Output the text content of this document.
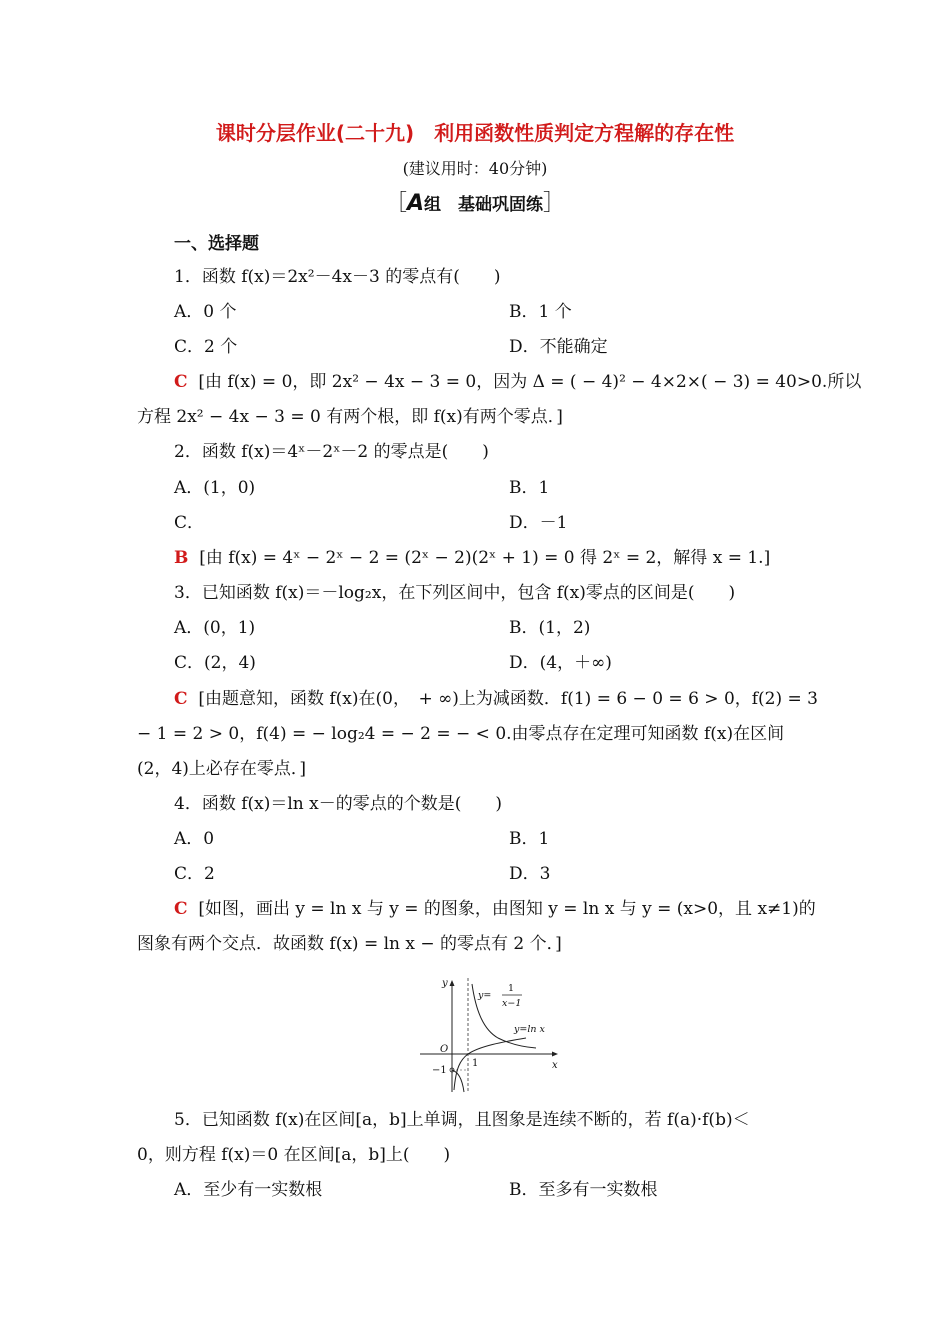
课时分层作业(二十九)　利用函数性质判定方程解的存在性
(建议用时：40分钟)
［A组　基础巩固练］
一、选择题
1．函数 f(x)＝2x²－4x－3 的零点有(　　)
A．0 个	B．1 个
C．2 个	D．不能确定
C [由 f(x) = 0，即 2x² − 4x − 3 = 0，因为 Δ = ( − 4)² − 4×2×( − 3) = 40>0.所以
方程 2x² − 4x − 3 = 0 有两个根，即 f(x)有两个零点．]
2．函数 f(x)＝4ˣ－2ˣ－2 的零点是(　　)
A．(1，0)	B．1
C．	D．－1
B [由 f(x) = 4ˣ − 2ˣ − 2 = (2ˣ − 2)(2ˣ + 1) = 0 得 2ˣ = 2，解得 x = 1.]
3．已知函数 f(x)＝－log₂x，在下列区间中，包含 f(x)零点的区间是(　　)
A．(0，1)	B．(1，2)
C．(2，4)	D．(4，＋∞)
C [由题意知，函数 f(x)在(0，　+ ∞)上为减函数．f(1) = 6 − 0 = 6 > 0，f(2) = 3
− 1 = 2 > 0，f(4) = − log₂4 = − 2 = − < 0.由零点存在定理可知函数 f(x)在区间
(2，4)上必存在零点．]
4．函数 f(x)＝ln x－的零点的个数是(　　)
A．0	B．1
C．2	D．3
C [如图，画出 y = ln x 与 y = 的图象，由图知 y = ln x 与 y = (x>0，且 x≠1)的
图象有两个交点．故函数 f(x) = ln x − 的零点有 2 个．]
y
x
O
−1
1
y=
1
x−1
y=ln x
5．已知函数 f(x)在区间[a，b]上单调，且图象是连续不断的，若 f(a)·f(b)＜
0，则方程 f(x)＝0 在区间[a，b]上(　　)
A．至少有一实数根	B．至多有一实数根
